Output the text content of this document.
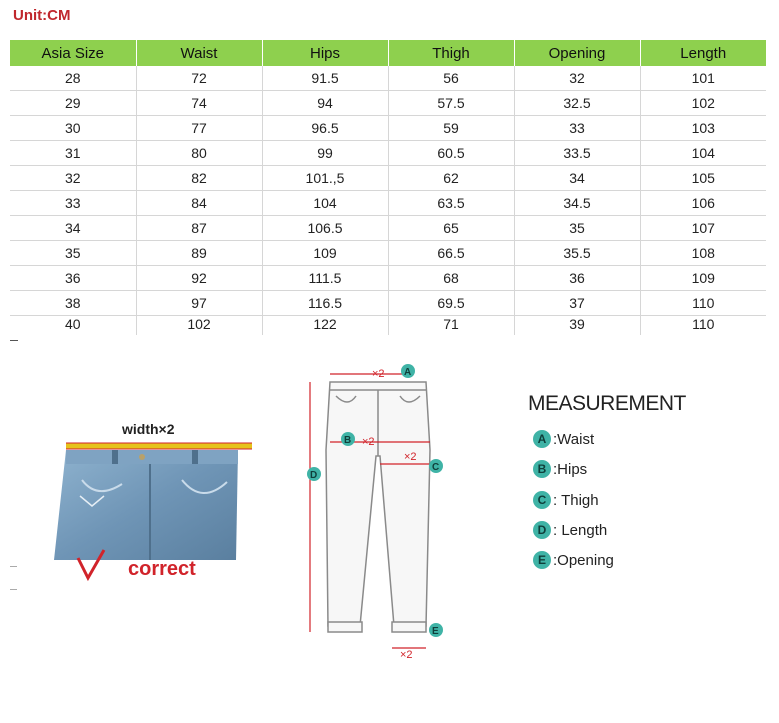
Unit:CM
Asia Size	Waist	Hips	Thigh	Opening	Length
28	72	91.5	56	32	101
29	74	94	57.5	32.5	102
30	77	96.5	59	33	103
31	80	99	60.5	33.5	104
32	82	101.,5	62	34	105
33	84	104	63.5	34.5	106
34	87	106.5	65	35	107
35	89	109	66.5	35.5	108
36	92	111.5	68	36	109
38	97	116.5	69.5	37	110
40	102	122	71	39	110
width×2
correct
×2
×2
×2
×2
A
B
C
D
E
MEASUREMENT
A :Waist
B :Hips
C : Thigh
D : Length
E :Opening
